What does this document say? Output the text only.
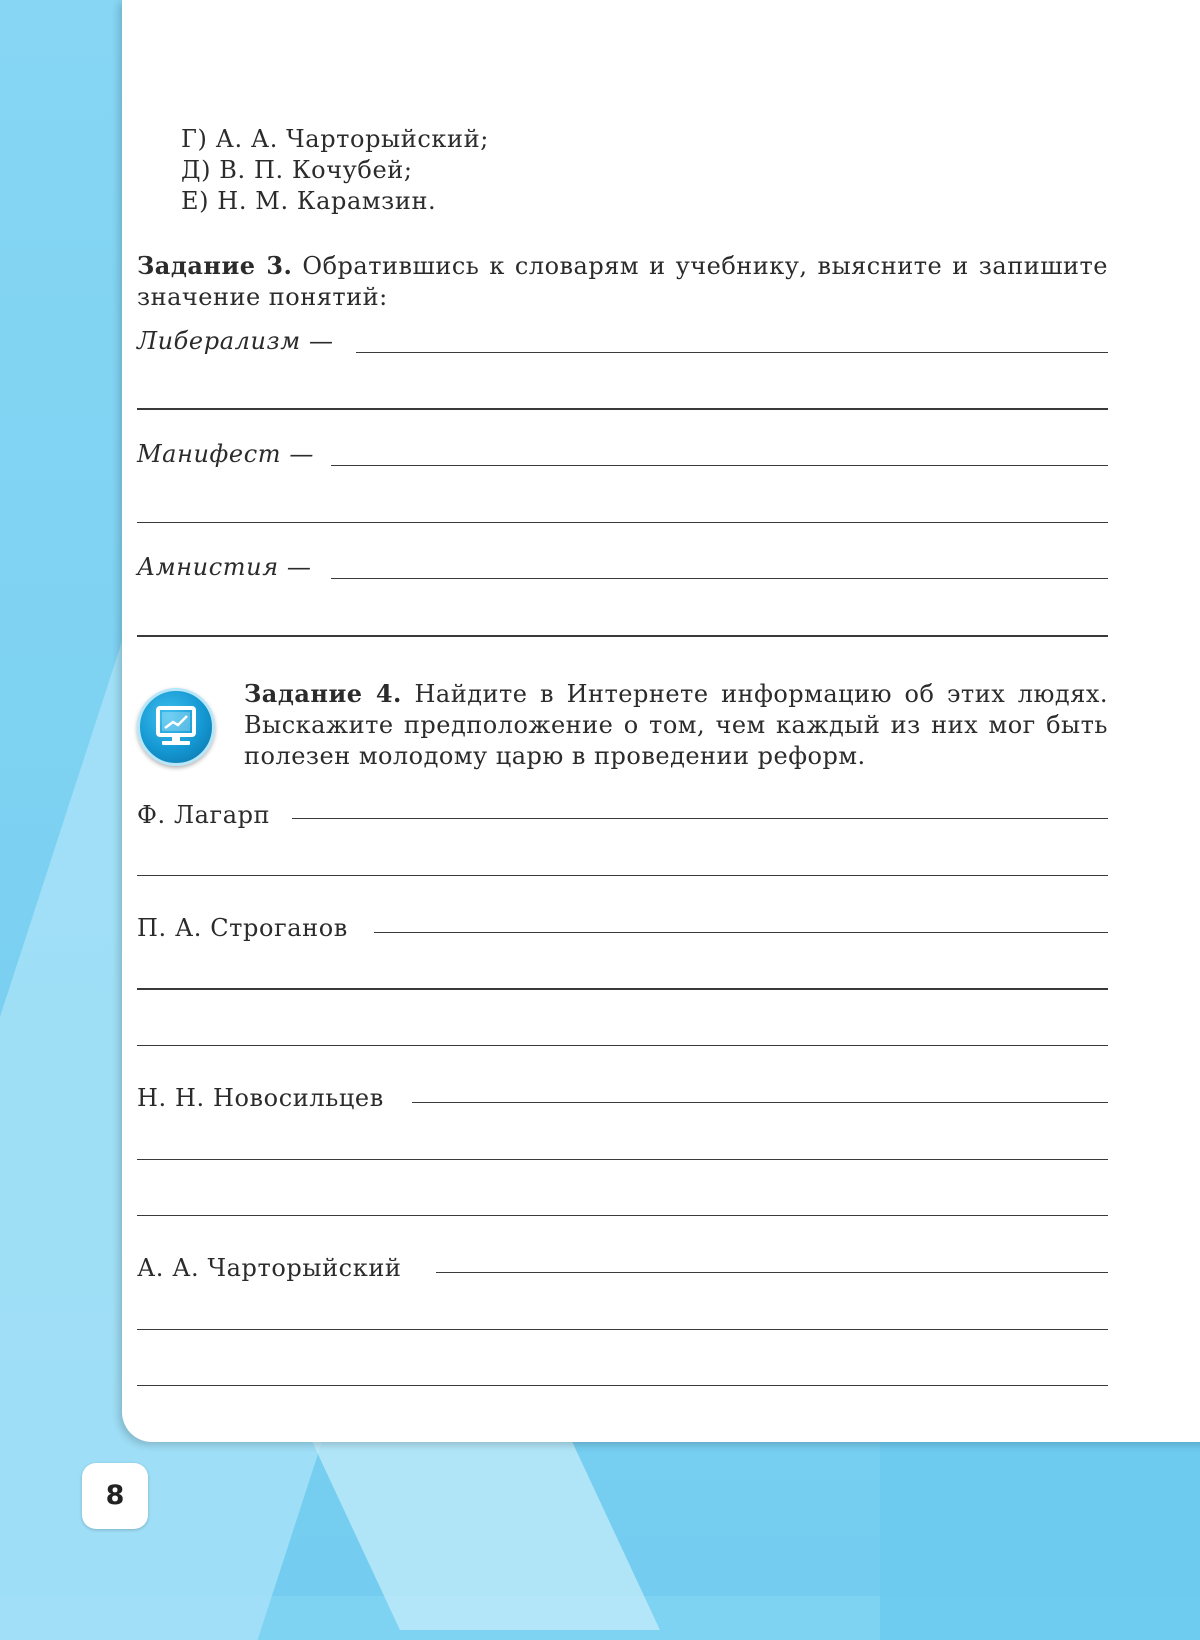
Г) А. А. Чарторыйский;
Д) В. П. Кочубей;
Е) Н. М. Карамзин.
Задание 3. Обратившись к словарям и учебнику, выясните и запишите значение понятий:
Либерализм —
Манифест —
Амнистия —
Задание 4. Найдите в Интернете информацию об этих людях. Выскажите предположение о том, чем каждый из них мог быть полезен молодому царю в проведении реформ.
Ф. Лагарп
П. А. Строганов
Н. Н. Новосильцев
А. А. Чарторыйский
8
